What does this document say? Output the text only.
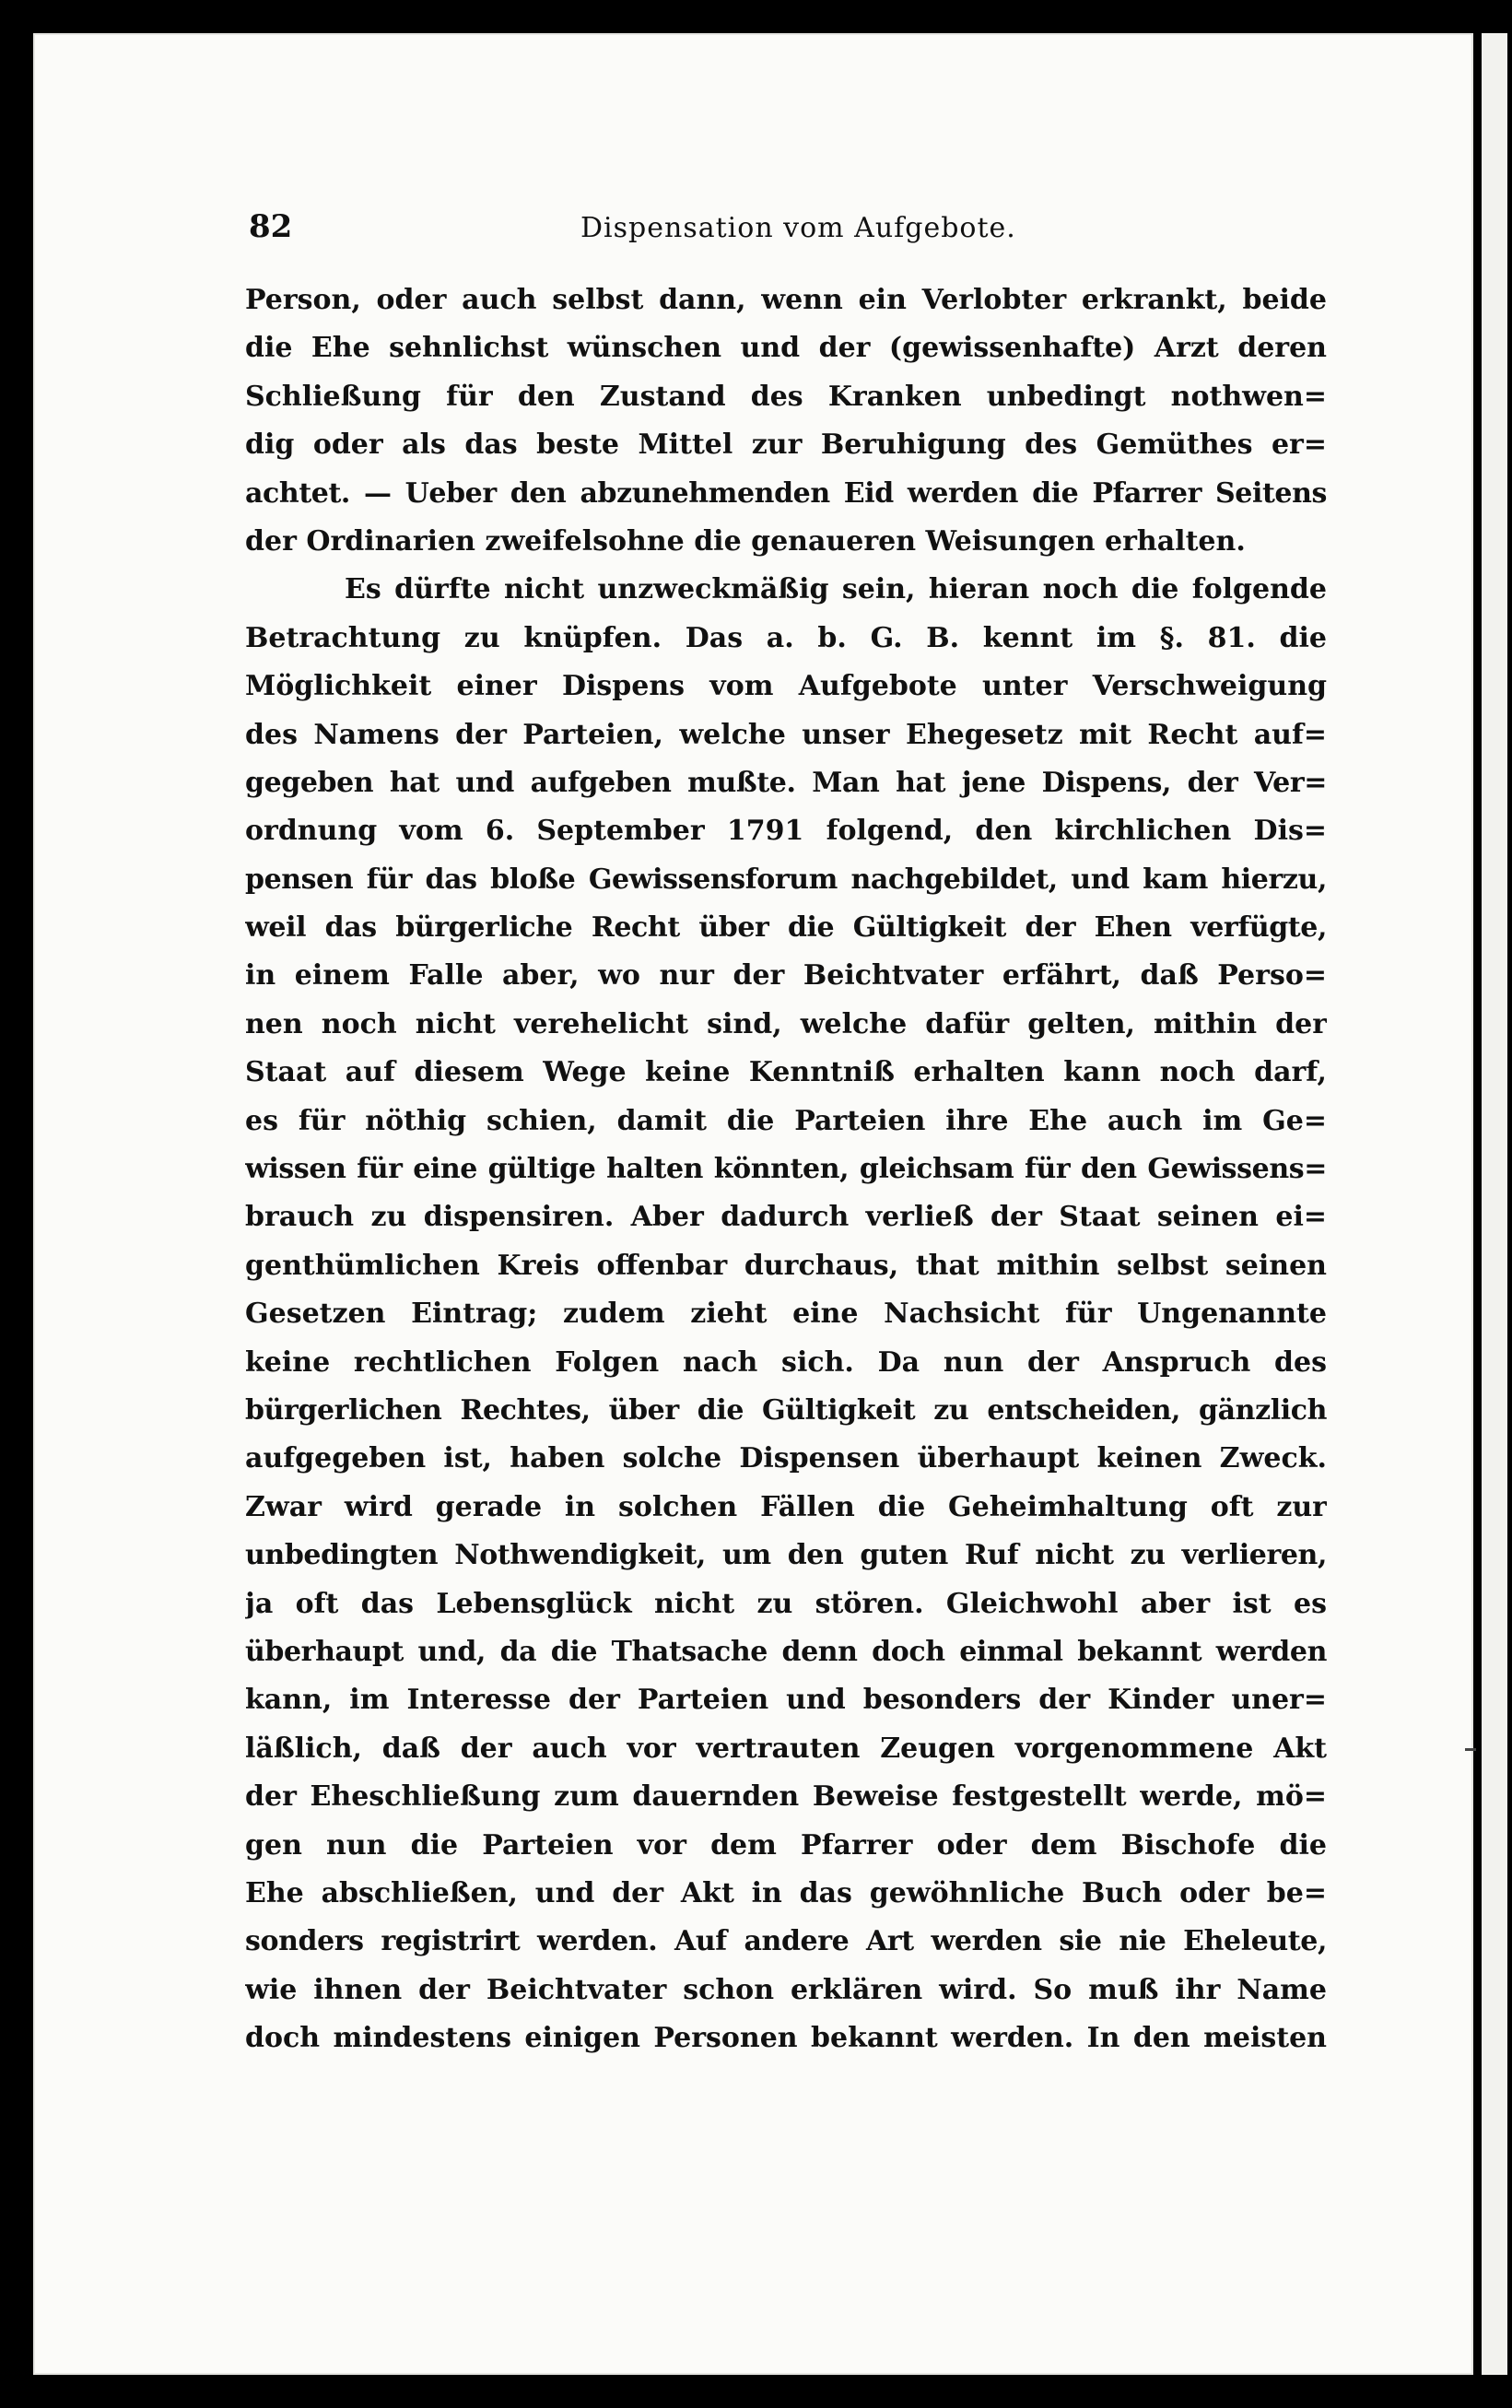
82	Dispensation vom Aufgebote.
Person, oder auch selbst dann, wenn ein Verlobter erkrankt, beide
die Ehe sehnlichst wünschen und der (gewissenhafte) Arzt deren
Schließung für den Zustand des Kranken unbedingt nothwen=
dig oder als das beste Mittel zur Beruhigung des Gemüthes er=
achtet. — Ueber den abzunehmenden Eid werden die Pfarrer Seitens
der Ordinarien zweifelsohne die genaueren Weisungen erhalten.
Es dürfte nicht unzweckmäßig sein, hieran noch die folgende
Betrachtung zu knüpfen. Das a. b. G. B. kennt im §. 81. die
Möglichkeit einer Dispens vom Aufgebote unter Verschweigung
des Namens der Parteien, welche unser Ehegesetz mit Recht auf=
gegeben hat und aufgeben mußte. Man hat jene Dispens, der Ver=
ordnung vom 6. September 1791 folgend, den kirchlichen Dis=
pensen für das bloße Gewissensforum nachgebildet, und kam hierzu,
weil das bürgerliche Recht über die Gültigkeit der Ehen verfügte,
in einem Falle aber, wo nur der Beichtvater erfährt, daß Perso=
nen noch nicht verehelicht sind, welche dafür gelten, mithin der
Staat auf diesem Wege keine Kenntniß erhalten kann noch darf,
es für nöthig schien, damit die Parteien ihre Ehe auch im Ge=
wissen für eine gültige halten könnten, gleichsam für den Gewissens=
brauch zu dispensiren. Aber dadurch verließ der Staat seinen ei=
genthümlichen Kreis offenbar durchaus, that mithin selbst seinen
Gesetzen Eintrag; zudem zieht eine Nachsicht für Ungenannte
keine rechtlichen Folgen nach sich. Da nun der Anspruch des
bürgerlichen Rechtes, über die Gültigkeit zu entscheiden, gänzlich
aufgegeben ist, haben solche Dispensen überhaupt keinen Zweck.
Zwar wird gerade in solchen Fällen die Geheimhaltung oft zur
unbedingten Nothwendigkeit, um den guten Ruf nicht zu verlieren,
ja oft das Lebensglück nicht zu stören. Gleichwohl aber ist es
überhaupt und, da die Thatsache denn doch einmal bekannt werden
kann, im Interesse der Parteien und besonders der Kinder uner=
läßlich, daß der auch vor vertrauten Zeugen vorgenommene Akt
der Eheschließung zum dauernden Beweise festgestellt werde, mö=
gen nun die Parteien vor dem Pfarrer oder dem Bischofe die
Ehe abschließen, und der Akt in das gewöhnliche Buch oder be=
sonders registrirt werden. Auf andere Art werden sie nie Eheleute,
wie ihnen der Beichtvater schon erklären wird. So muß ihr Name
doch mindestens einigen Personen bekannt werden. In den meisten
